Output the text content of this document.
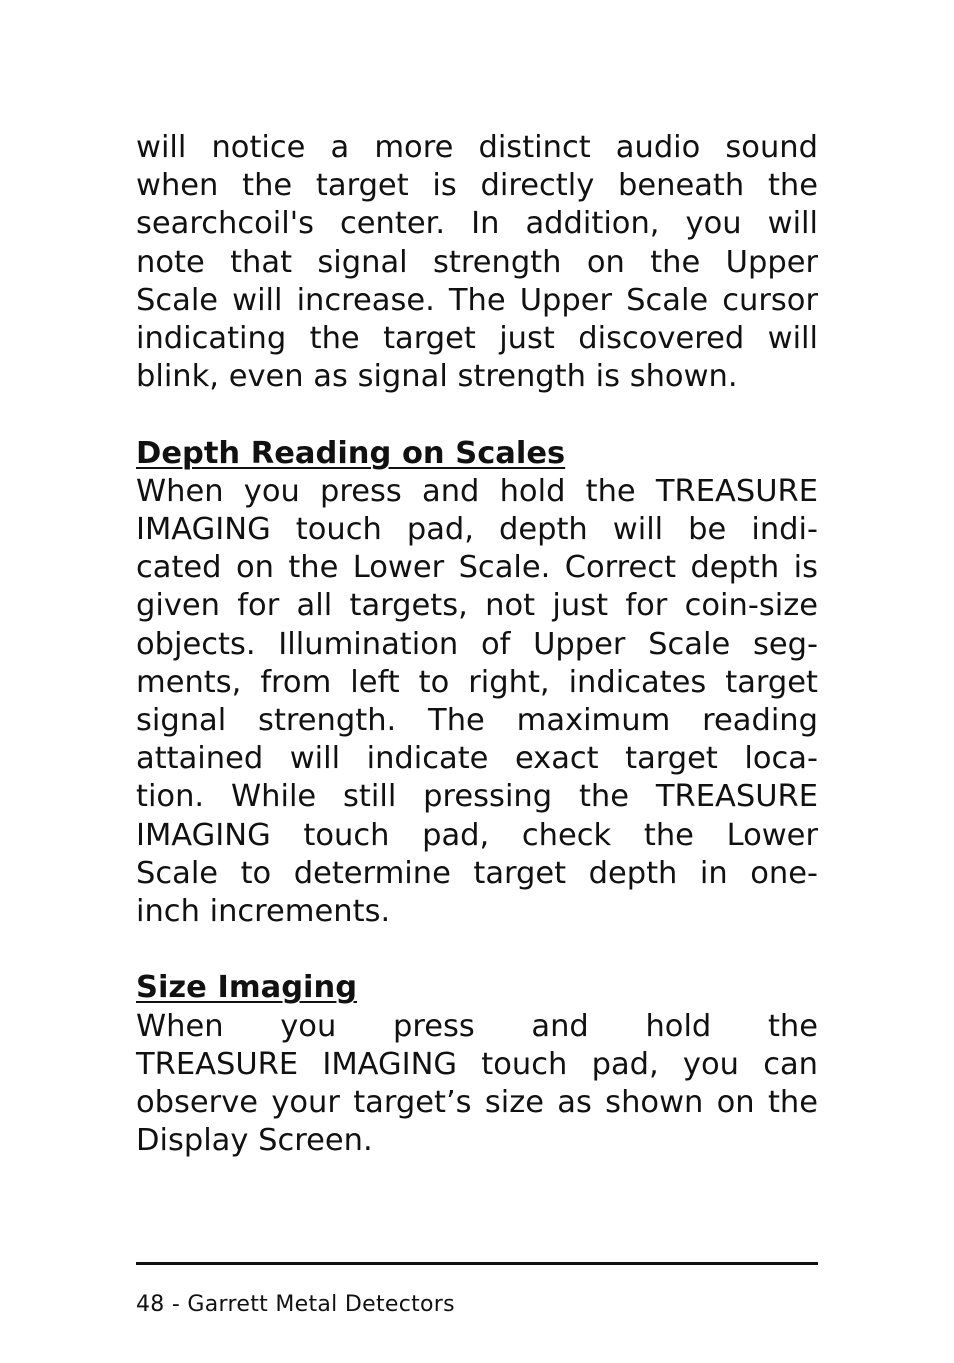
will notice a more distinct audio sound
when the target is directly beneath the
searchcoil's center. In addition, you will
note that signal strength on the Upper
Scale will increase. The Upper Scale cursor
indicating the target just discovered will
blink, even as signal strength is shown.
Depth Reading on Scales
When you press and hold the TREASURE
IMAGING touch pad, depth will be indi-
cated on the Lower Scale. Correct depth is
given for all targets, not just for coin-size
objects. Illumination of Upper Scale seg-
ments, from left to right, indicates target
signal strength. The maximum reading
attained will indicate exact target loca-
tion. While still pressing the TREASURE
IMAGING touch pad, check the Lower
Scale to determine target depth in one-
inch increments.
Size Imaging
When you press and hold the
TREASURE IMAGING touch pad, you can
observe your target’s size as shown on the
Display Screen.
48 - Garrett Metal Detectors
